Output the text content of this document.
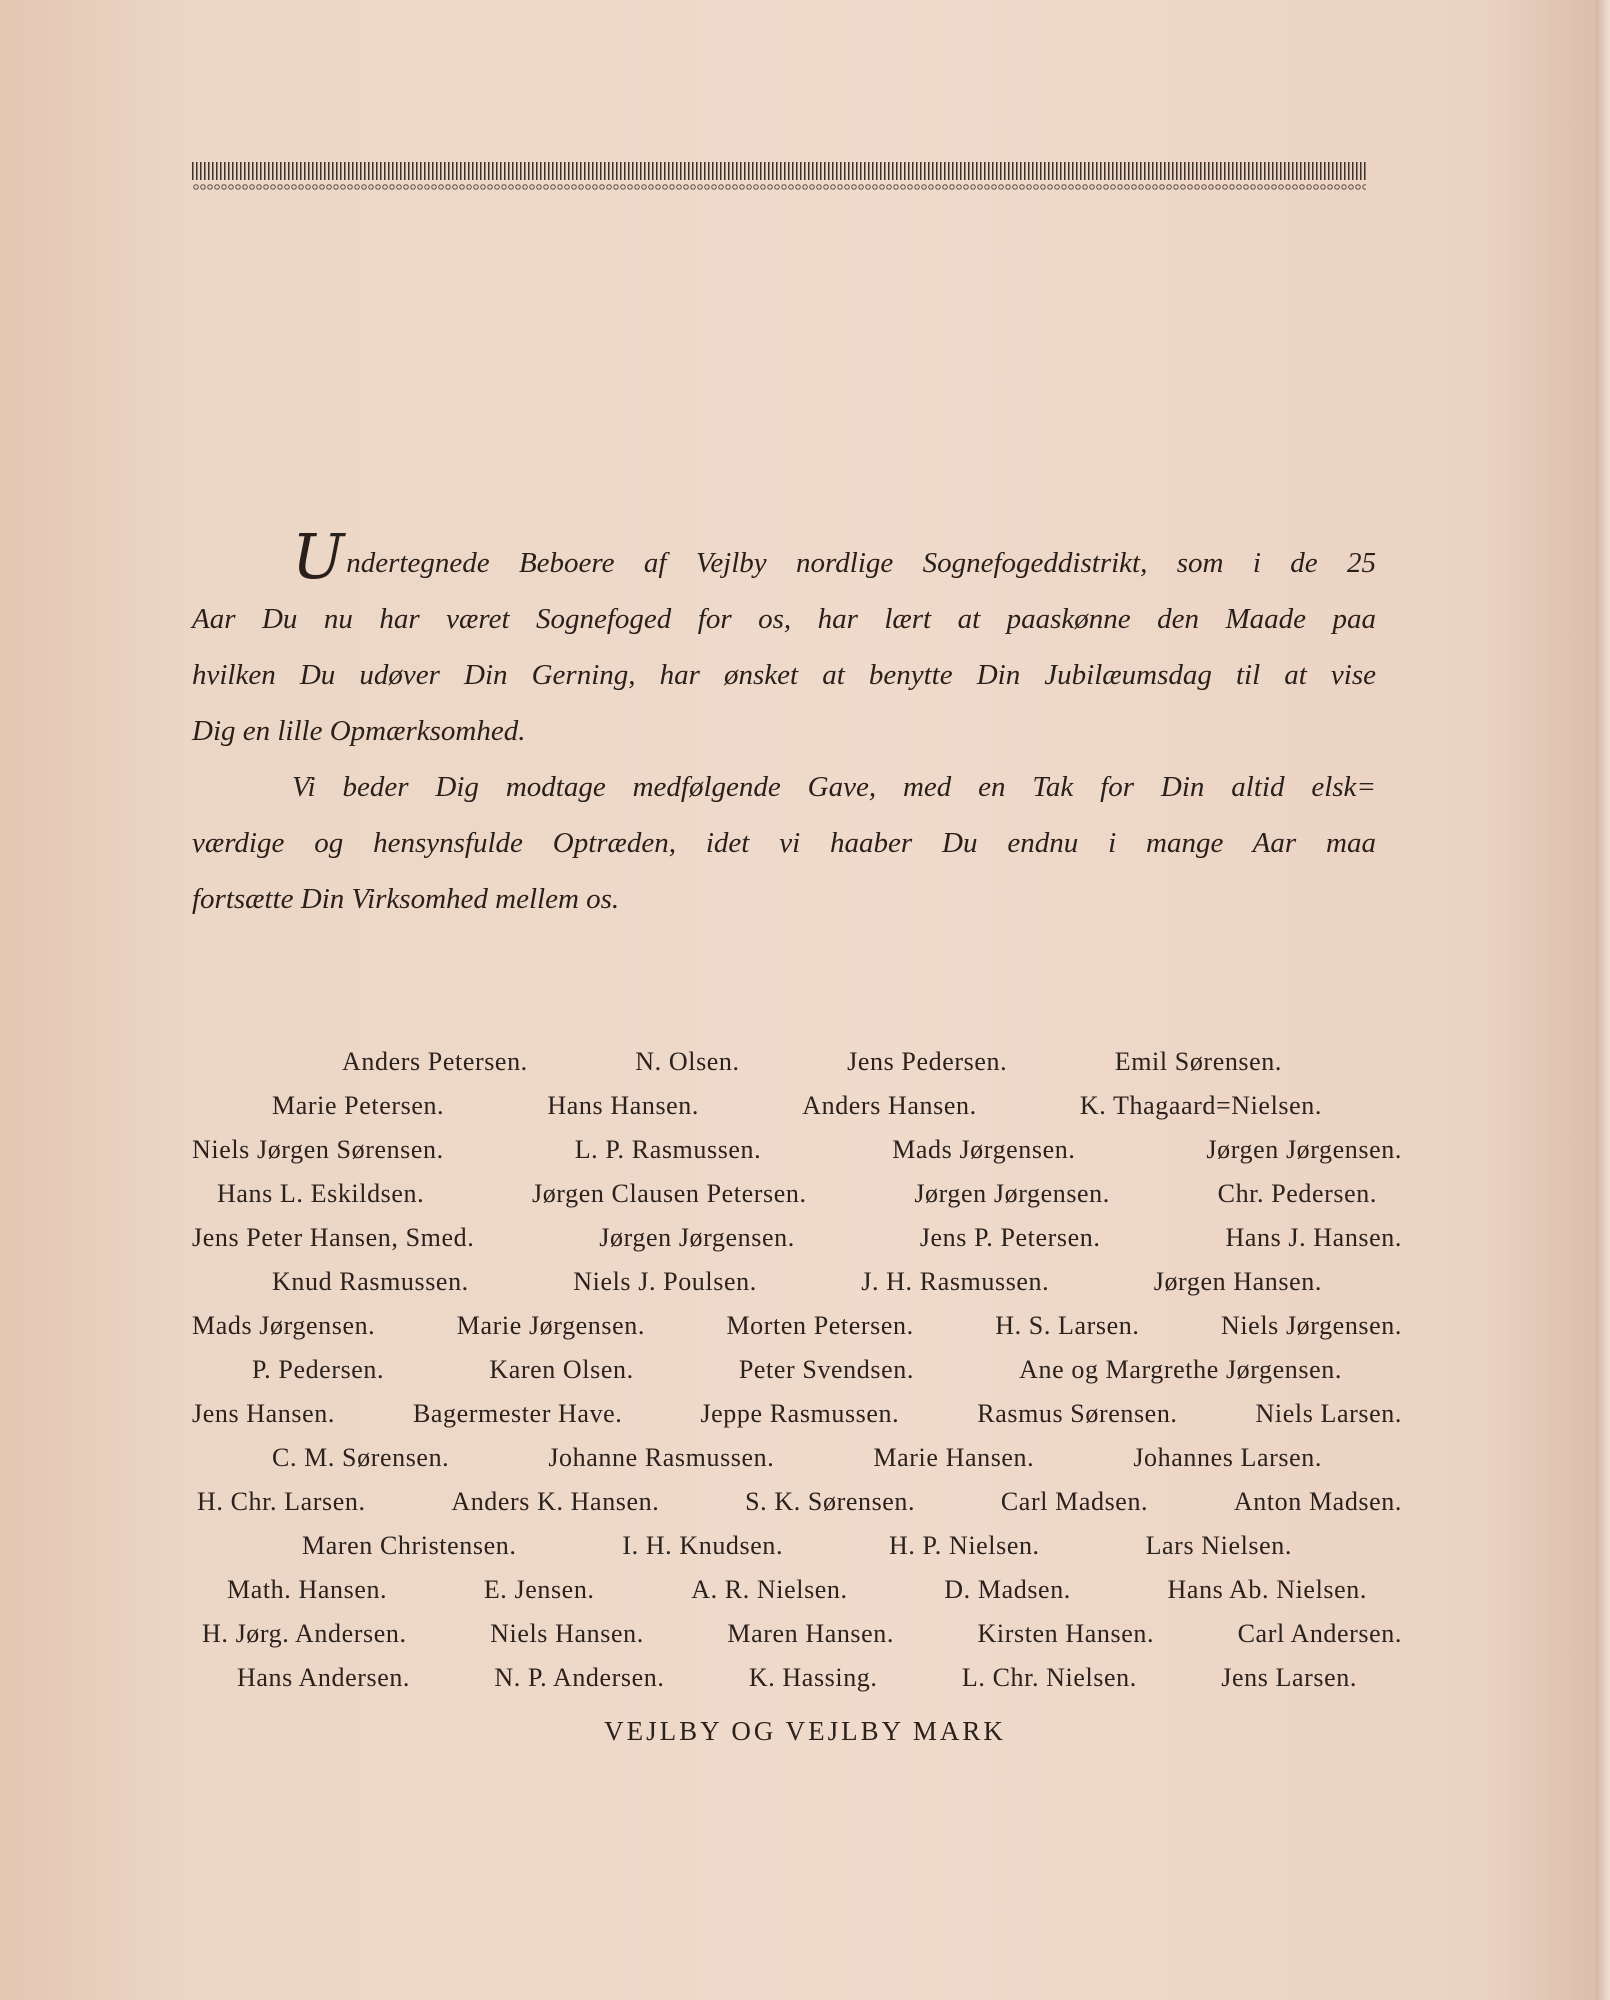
Undertegnede Beboere af Vejlby nordlige Sognefogeddistrikt, som i de 25
Aar Du nu har været Sognefoged for os, har lært at paaskønne den Maade paa
hvilken Du udøver Din Gerning, har ønsket at benytte Din Jubilæumsdag til at vise
Dig en lille Opmærksomhed.
Vi beder Dig modtage medfølgende Gave, med en Tak for Din altid elsk=
værdige og hensynsfulde Optræden, idet vi haaber Du endnu i mange Aar maa
fortsætte Din Virksomhed mellem os.
Anders Petersen.	N. Olsen.	Jens Pedersen.	Emil Sørensen.
Marie Petersen.	Hans Hansen.	Anders Hansen.	K. Thagaard=Nielsen.
Niels Jørgen Sørensen.	L. P. Rasmussen.	Mads Jørgensen.	Jørgen Jørgensen.
Hans L. Eskildsen.	Jørgen Clausen Petersen.	Jørgen Jørgensen.	Chr. Pedersen.
Jens Peter Hansen, Smed.	Jørgen Jørgensen.	Jens P. Petersen.	Hans J. Hansen.
Knud Rasmussen.	Niels J. Poulsen.	J. H. Rasmussen.	Jørgen Hansen.
Mads Jørgensen.	Marie Jørgensen.	Morten Petersen.	H. S. Larsen.	Niels Jørgensen.
P. Pedersen.	Karen Olsen.	Peter Svendsen.	Ane og Margrethe Jørgensen.
Jens Hansen.	Bagermester Have.	Jeppe Rasmussen.	Rasmus Sørensen.	Niels Larsen.
C. M. Sørensen.	Johanne Rasmussen.	Marie Hansen.	Johannes Larsen.
H. Chr. Larsen.	Anders K. Hansen.	S. K. Sørensen.	Carl Madsen.	Anton Madsen.
Maren Christensen.	I. H. Knudsen.	H. P. Nielsen.	Lars Nielsen.
Math. Hansen.	E. Jensen.	A. R. Nielsen.	D. Madsen.	Hans Ab. Nielsen.
H. Jørg. Andersen.	Niels Hansen.	Maren Hansen.	Kirsten Hansen.	Carl Andersen.
Hans Andersen.	N. P. Andersen.	K. Hassing.	L. Chr. Nielsen.	Jens Larsen.
VEJLBY OG VEJLBY MARK
